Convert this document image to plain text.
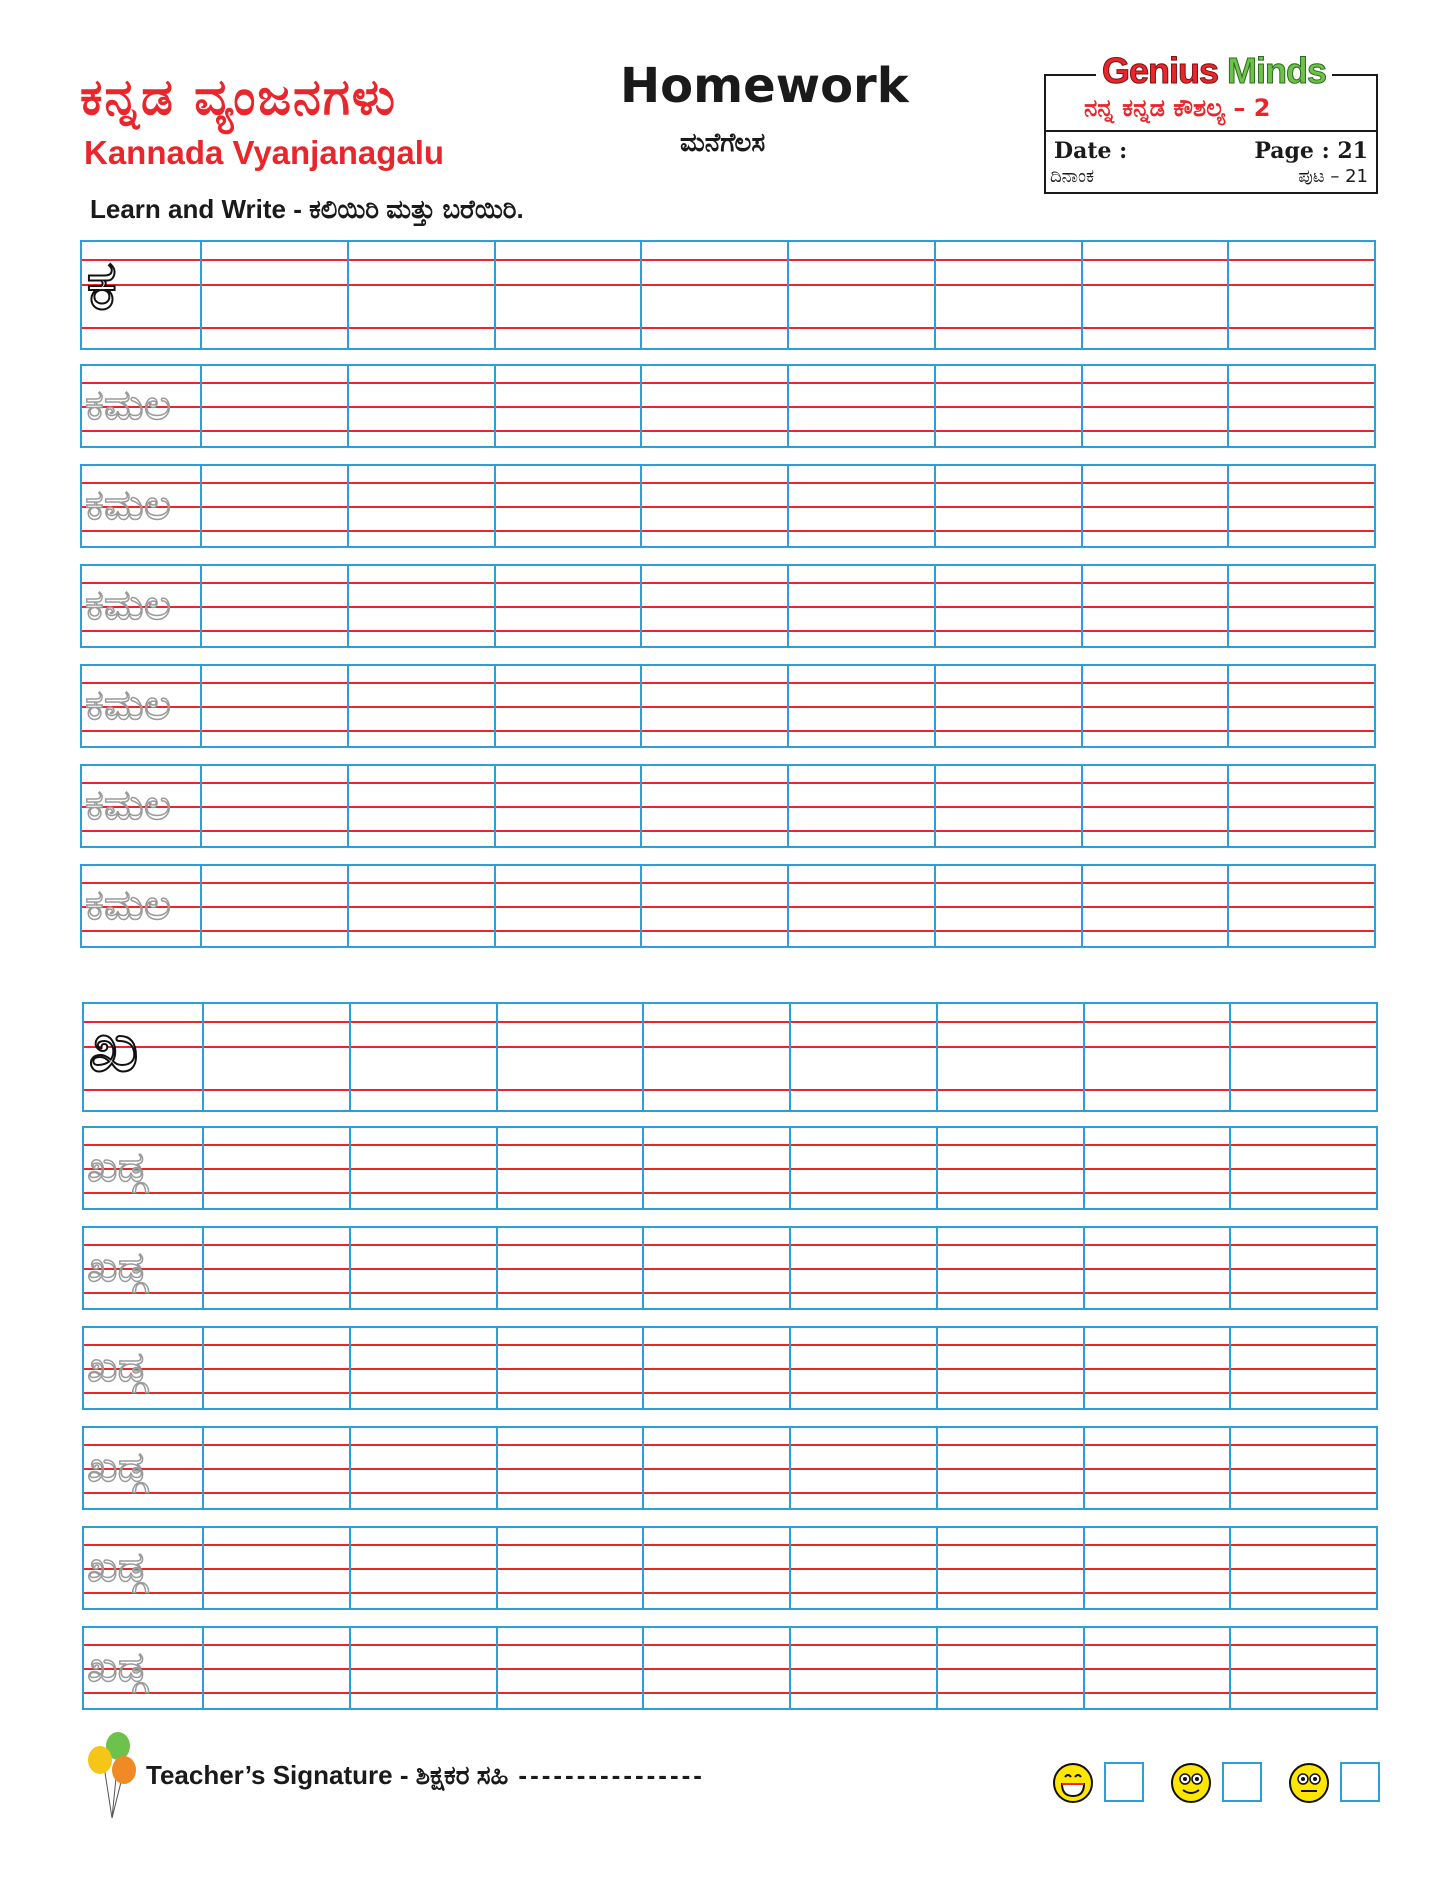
ಕನ್ನಡ ವ್ಯಂಜನಗಳು
Kannada Vyanjanagalu
Homework
ಮನೆಗೆಲಸ
Learn and Write - ಕಲಿಯಿರಿ ಮತ್ತು ಬರೆಯಿರಿ.
Genius Minds
ನನ್ನ ಕನ್ನಡ ಕೌಶಲ್ಯ – 2
Date :
ದಿನಾಂಕ
Page : 21
ಪುಟ – 21
ಕ
ಕಮಲ
ಕಮಲ
ಕಮಲ
ಕಮಲ
ಕಮಲ
ಕಮಲ
ಖ
ಖಡ್ಗ
ಖಡ್ಗ
ಖಡ್ಗ
ಖಡ್ಗ
ಖಡ್ಗ
ಖಡ್ಗ
Teacher’s Signature - ಶಿಕ್ಷಕರ ಸಹಿ ----------------
